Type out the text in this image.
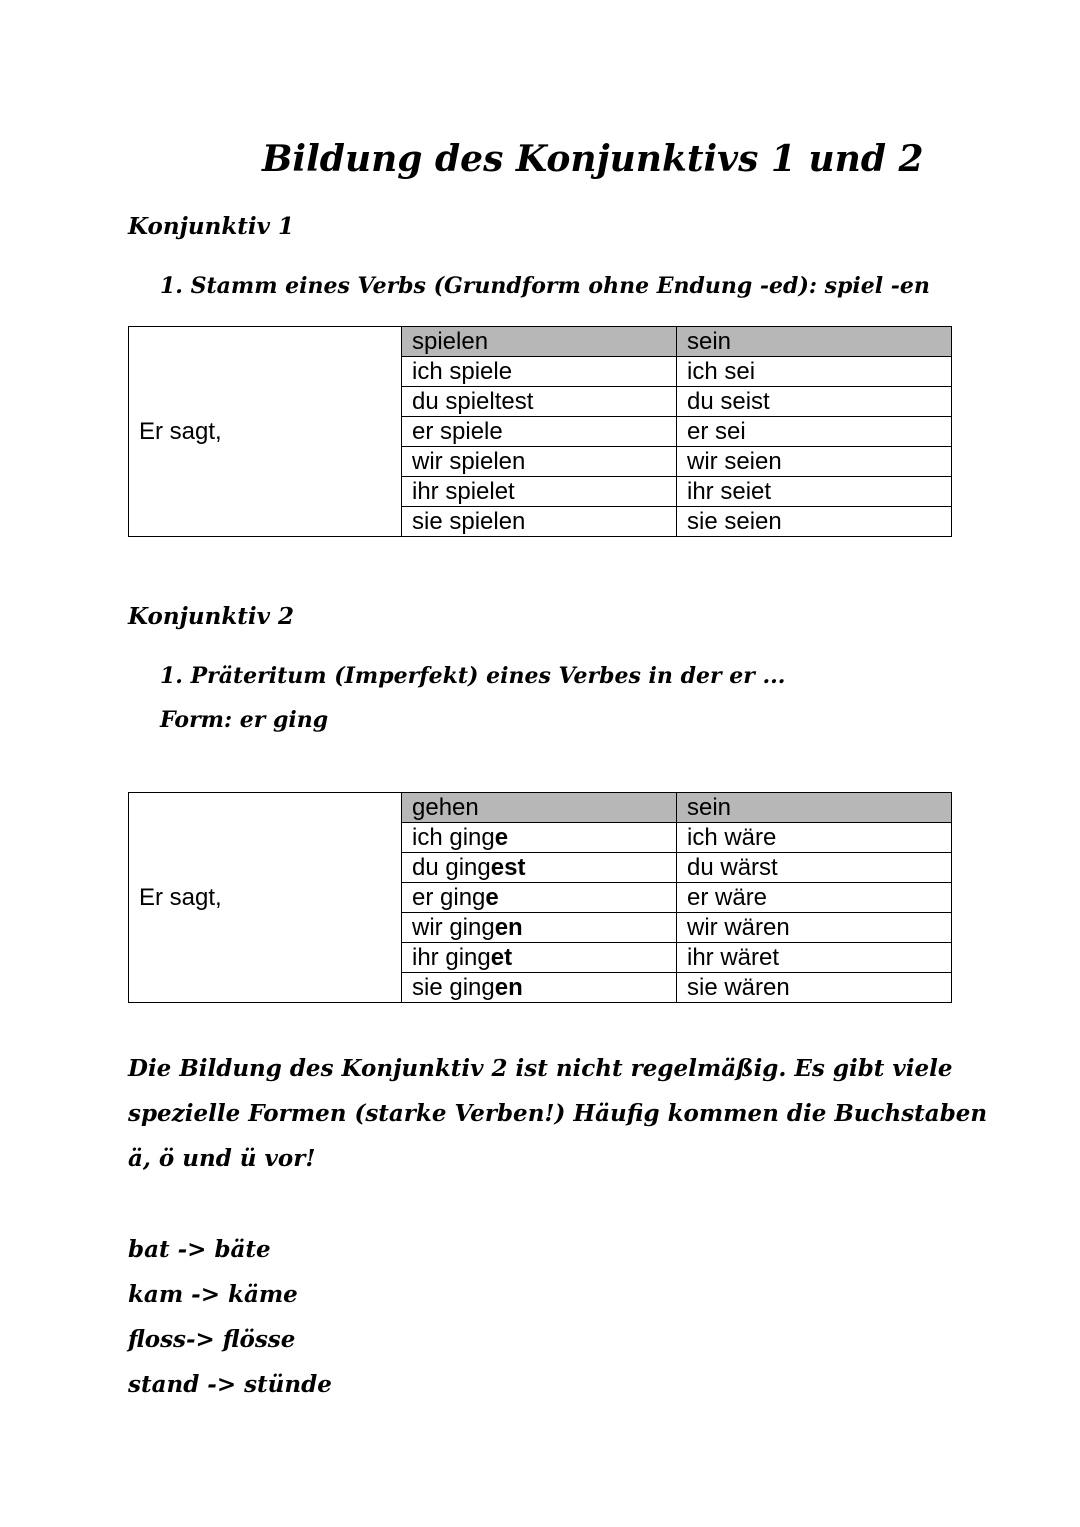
Bildung des Konjunktivs 1 und 2
Konjunktiv 1
1. Stamm eines Verbs (Grundform ohne Endung -ed): spiel -en
Er sagt,	spielen	sein
	ich spiele	ich sei
	du spieltest	du seist
	er spiele	er sei
	wir spielen	wir seien
	ihr spielet	ihr seiet
	sie spielen	sie seien
Konjunktiv 2
1. Präteritum (Imperfekt) eines Verbes in der er ...
Form: er ging
Er sagt,	gehen	sein
	ich ginge	ich wäre
	du gingest	du wärst
	er ginge	er wäre
	wir gingen	wir wären
	ihr ginget	ihr wäret
	sie gingen	sie wären
Die Bildung des Konjunktiv 2 ist nicht regelmäßig. Es gibt viele
spezielle Formen (starke Verben!) Häufig kommen die Buchstaben
ä, ö und ü vor!
bat -> bäte
kam -> käme
floss-> flösse
stand -> stünde
